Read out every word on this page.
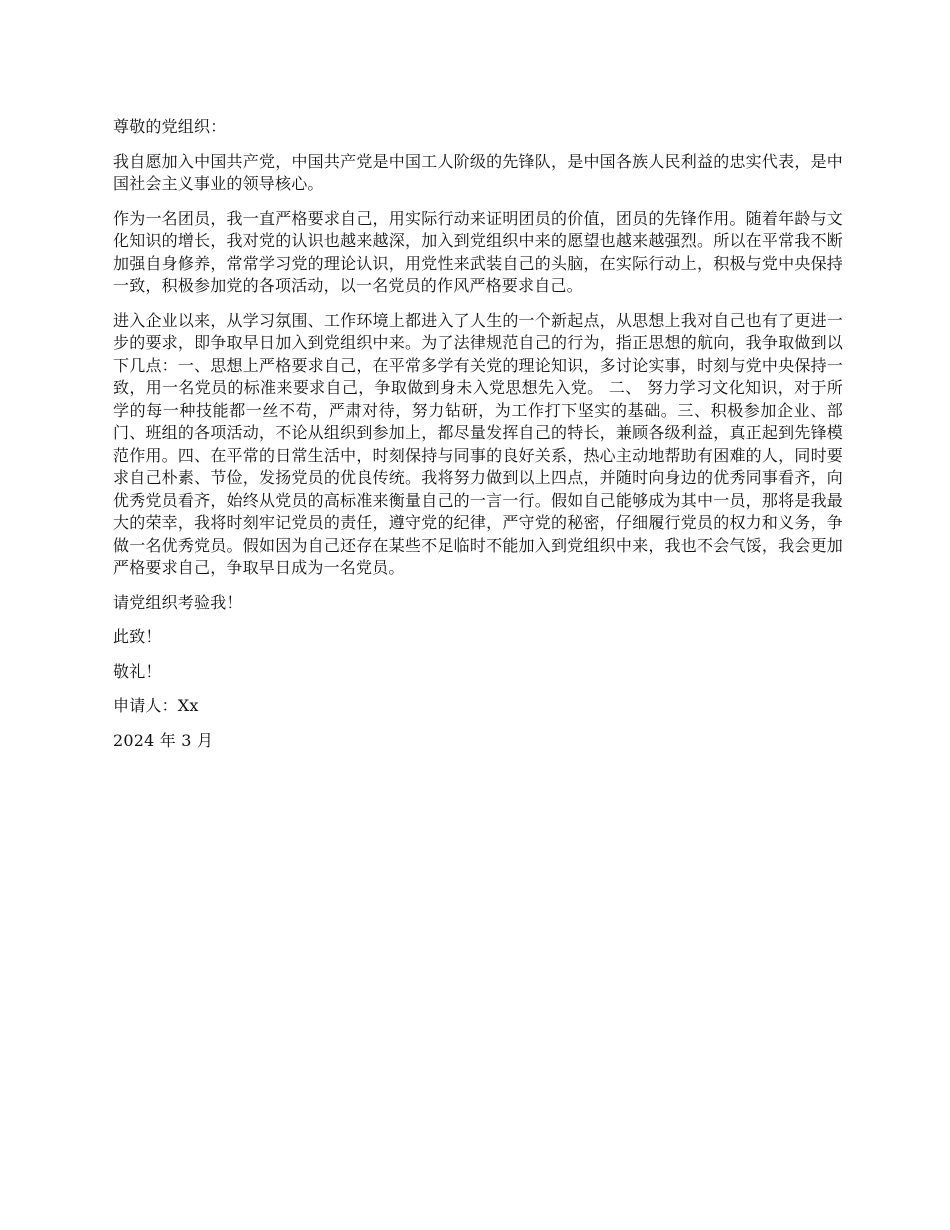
尊敬的党组织：

我自愿加入中国共产党，中国共产党是中国工人阶级的先锋队，是中国各族人民利益的忠实代表，是中国社会主义事业的领导核心。

作为一名团员，我一直严格要求自己，用实际行动来证明团员的价值，团员的先锋作用。随着年龄与文化知识的增长，我对党的认识也越来越深，加入到党组织中来的愿望也越来越强烈。所以在平常我不断加强自身修养，常常学习党的理论认识，用党性来武装自己的头脑，在实际行动上，积极与党中央保持一致，积极参加党的各项活动，以一名党员的作风严格要求自己。

进入企业以来，从学习氛围、工作环境上都进入了人生的一个新起点，从思想上我对自己也有了更进一步的要求，即争取早日加入到党组织中来。为了法律规范自己的行为，指正思想的航向，我争取做到以下几点：一、思想上严格要求自己，在平常多学有关党的理论知识，多讨论实事，时刻与党中央保持一致，用一名党员的标准来要求自己，争取做到身未入党思想先入党。 二、 努力学习文化知识，对于所学的每一种技能都一丝不苟，严肃对待，努力钻研，为工作打下坚实的基础。三、积极参加企业、部门、班组的各项活动，不论从组织到参加上，都尽量发挥自己的特长，兼顾各级利益，真正起到先锋模范作用。四、在平常的日常生活中，时刻保持与同事的良好关系，热心主动地帮助有困难的人，同时要求自己朴素、节俭，发扬党员的优良传统。我将努力做到以上四点，并随时向身边的优秀同事看齐，向优秀党员看齐，始终从党员的高标准来衡量自己的一言一行。假如自己能够成为其中一员，那将是我最大的荣幸，我将时刻牢记党员的责任，遵守党的纪律，严守党的秘密，仔细履行党员的权力和义务，争做一名优秀党员。假如因为自己还存在某些不足临时不能加入到党组织中来，我也不会气馁，我会更加严格要求自己，争取早日成为一名党员。

请党组织考验我！

此致！

敬礼！

申请人：Xx

2024 年 3 月
